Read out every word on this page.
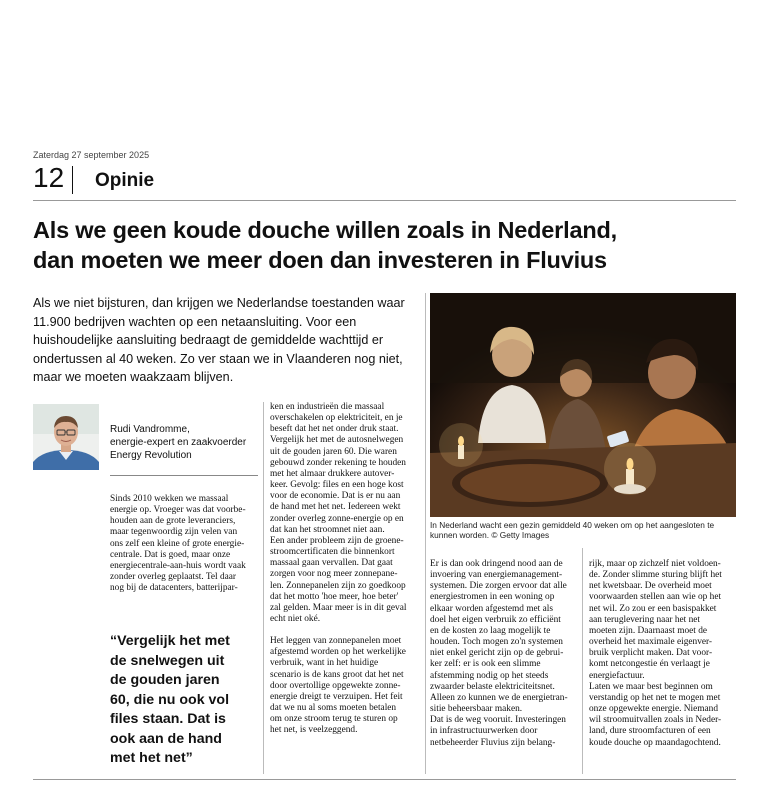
Zaterdag 27 september 2025
12 Opinie
Als we geen koude douche willen zoals in Nederland,
dan moeten we meer doen dan investeren in Fluvius
Als we niet bijsturen, dan krijgen we Nederlandse toestanden waar 11.900 bedrijven wachten op een netaansluiting. Voor een huishoudelijke aansluiting bedraagt de gemiddelde wachttijd er ondertussen al 40 weken. Zo ver staan we in Vlaanderen nog niet, maar we moeten waakzaam blijven.
Rudi Vandromme,
energie-expert en zaakvoerder
Energy Revolution

Sinds 2010 wekken we massaal

energie op. Vroeger was dat voorbe-

houden aan de grote leveranciers,

maar tegenwoordig zijn velen van

ons zelf een kleine of grote energie-

centrale. Dat is goed, maar onze

energiecentrale-aan-huis wordt vaak

zonder overleg geplaatst. Tel daar

nog bij de datacenters, batterijpar-

“Vergelijk het met

de snelwegen uit

de gouden jaren

60, die nu ook vol

files staan. Dat is

ook aan de hand

met het net”

ken en industrieën die massaal

overschakelen op elektriciteit, en je

beseft dat het net onder druk staat.

Vergelijk het met de autosnelwegen

uit de gouden jaren 60. Die waren

gebouwd zonder rekening te houden

met het almaar drukkere autover-

keer. Gevolg: files en een hoge kost

voor de economie. Dat is er nu aan

de hand met het net. Iedereen wekt

zonder overleg zonne-energie op en

dat kan het stroomnet niet aan.

Een ander probleem zijn de groene-

stroomcertificaten die binnenkort

massaal gaan vervallen. Dat gaat

zorgen voor nog meer zonnepane-

len. Zonnepanelen zijn zo goedkoop

dat het motto 'hoe meer, hoe beter'

zal gelden. Maar meer is in dit geval

echt niet oké.

Het leggen van zonnepanelen moet

afgestemd worden op het werkelijke

verbruik, want in het huidige

scenario is de kans groot dat het net

door overtollige opgewekte zonne-

energie dreigt te verzuipen. Het feit

dat we nu al soms moeten betalen

om onze stroom terug te sturen op

het net, is veelzeggend.

In Nederland wacht een gezin gemiddeld 40 weken om op het aangesloten te

kunnen worden. © Getty Images

Er is dan ook dringend nood aan de

invoering van energiemanagement-

systemen. Die zorgen ervoor dat alle

energiestromen in een woning op

elkaar worden afgestemd met als

doel het eigen verbruik zo efficiënt

en de kosten zo laag mogelijk te

houden. Toch mogen zo'n systemen

niet enkel gericht zijn op de gebrui-

ker zelf: er is ook een slimme

afstemming nodig op het steeds

zwaarder belaste elektriciteitsnet.

Alleen zo kunnen we de energietran-

sitie beheersbaar maken.

Dat is de weg vooruit. Investeringen

in infrastructuurwerken door

netbeheerder Fluvius zijn belang-

rijk, maar op zichzelf niet voldoen-

de. Zonder slimme sturing blijft het

net kwetsbaar. De overheid moet

voorwaarden stellen aan wie op het

net wil. Zo zou er een basispakket

aan teruglevering naar het net

moeten zijn. Daarnaast moet de

overheid het maximale eigenver-

bruik verplicht maken. Dat voor-

komt netcongestie én verlaagt je

energiefactuur.

Laten we maar best beginnen om

verstandig op het net te mogen met

onze opgewekte energie. Niemand

wil stroomuitvallen zoals in Neder-

land, dure stroomfacturen of een

koude douche op maandagochtend.
